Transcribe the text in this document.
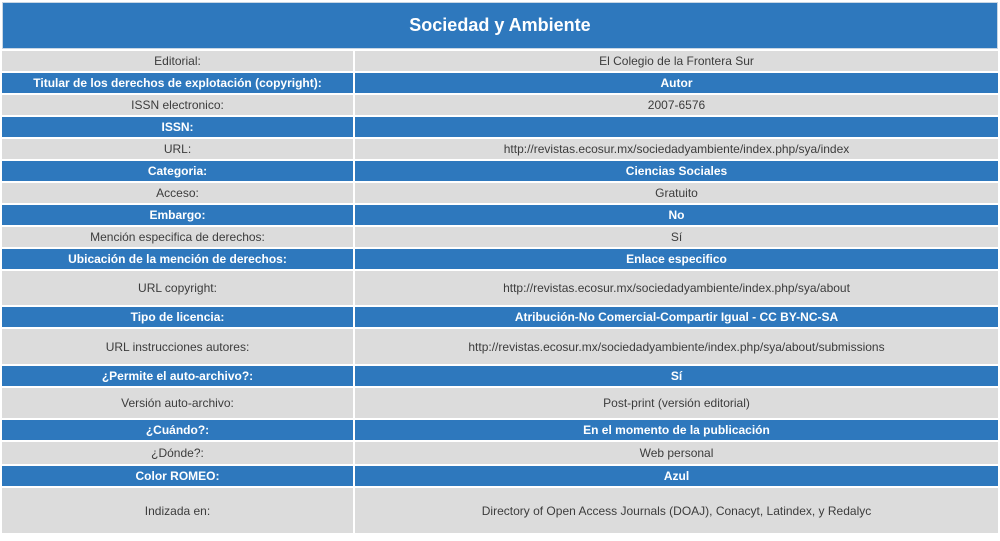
Sociedad y Ambiente
Editorial:	El Colegio de la Frontera Sur
Titular de los derechos de explotación (copyright):	Autor
ISSN electronico:	2007-6576
ISSN:
URL:	http://revistas.ecosur.mx/sociedadyambiente/index.php/sya/index
Categoria:	Ciencias Sociales
Acceso:	Gratuito
Embargo:	No
Mención especifica de derechos:	Sí
Ubicación de la mención de derechos:	Enlace especifico
URL copyright:	http://revistas.ecosur.mx/sociedadyambiente/index.php/sya/about
Tipo de licencia:	Atribución-No Comercial-Compartir Igual - CC BY-NC-SA
URL instrucciones autores:	http://revistas.ecosur.mx/sociedadyambiente/index.php/sya/about/submissions
¿Permite el auto-archivo?:	Sí
Versión auto-archivo:	Post-print (versión editorial)
¿Cuándo?:	En el momento de la publicación
¿Dónde?:	Web personal
Color ROMEO:	Azul
Indizada en:	Directory of Open Access Journals (DOAJ), Conacyt, Latindex, y Redalyc
